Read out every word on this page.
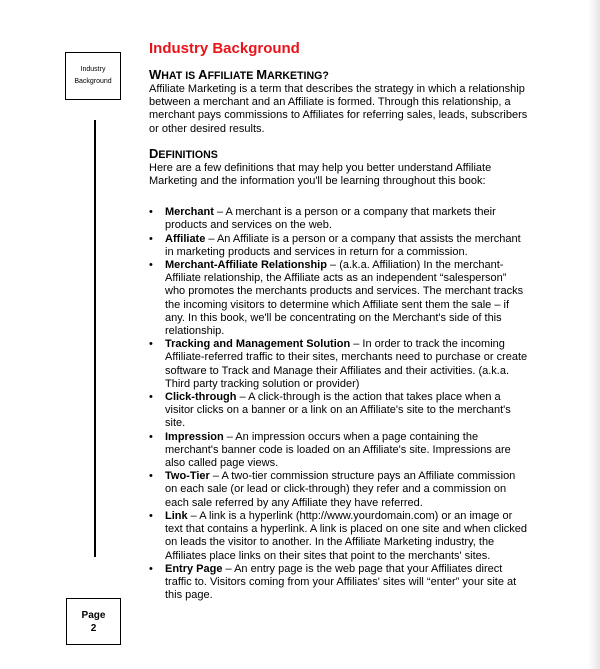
Industry
Background
Page
2
Industry Background
WHAT IS AFFILIATE MARKETING?

Affiliate Marketing is a term that describes the strategy in which a relationship between a merchant and an Affiliate is formed. Through this relationship, a merchant pays commissions to Affiliates for referring sales, leads, subscribers or other desired results.

DEFINITIONS

Here are a few definitions that may help you better understand Affiliate Marketing and the information you'll be learning throughout this book:

• Merchant – A merchant is a person or a company that markets their products and services on the web.
• Affiliate – An Affiliate is a person or a company that assists the merchant in marketing products and services in return for a commission.
• Merchant-Affiliate Relationship – (a.k.a. Affiliation) In the merchant-Affiliate relationship, the Affiliate acts as an independent “salesperson” who promotes the merchants products and services. The merchant tracks the incoming visitors to determine which Affiliate sent them the sale – if any. In this book, we'll be concentrating on the Merchant's side of this relationship.
• Tracking and Management Solution – In order to track the incoming Affiliate-referred traffic to their sites, merchants need to purchase or create software to Track and Manage their Affiliates and their activities. (a.k.a. Third party tracking solution or provider)
• Click-through – A click-through is the action that takes place when a visitor clicks on a banner or a link on an Affiliate's site to the merchant's site.
• Impression – An impression occurs when a page containing the merchant's banner code is loaded on an Affiliate's site. Impressions are also called page views.
• Two-Tier – A two-tier commission structure pays an Affiliate commission on each sale (or lead or click-through) they refer and a commission on each sale referred by any Affiliate they have referred.
• Link – A link is a hyperlink (http://www.yourdomain.com) or an image or text that contains a hyperlink. A link is placed on one site and when clicked on leads the visitor to another. In the Affiliate Marketing industry, the Affiliates place links on their sites that point to the merchants' sites.
• Entry Page – An entry page is the web page that your Affiliates direct traffic to. Visitors coming from your Affiliates' sites will “enter” your site at this page.
